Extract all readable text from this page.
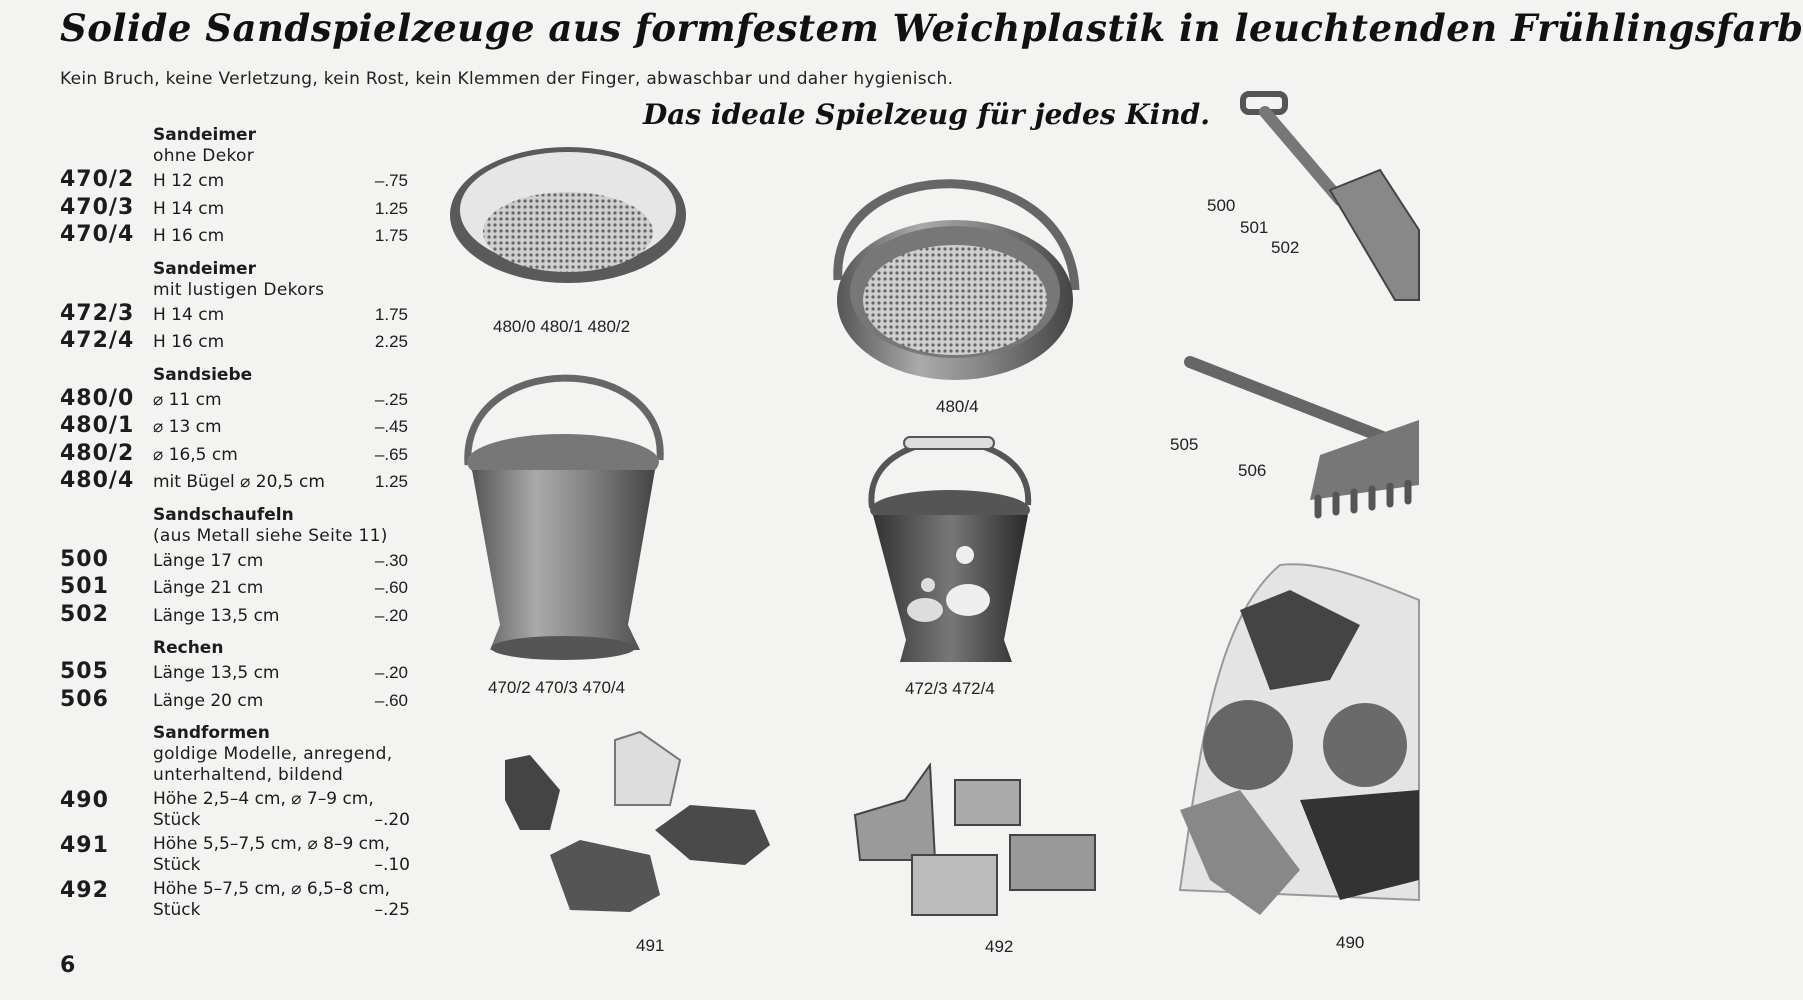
Solide Sandspielzeuge aus formfestem Weichplastik in leuchtenden Frühlingsfarb
Kein Bruch, keine Verletzung, kein Rost, kein Klemmen der Finger, abwaschbar und daher hygienisch.
Das ideale Spielzeug für jedes Kind.
Sandeimer
ohne Dekor
470/2	H 12 cm	–.75
470/3	H 14 cm	1.25
470/4	H 16 cm	1.75
Sandeimer
mit lustigen Dekors
472/3	H 14 cm	1.75
472/4	H 16 cm	2.25
Sandsiebe
480/0	⌀ 11 cm	–.25
480/1	⌀ 13 cm	–.45
480/2	⌀ 16,5 cm	–.65
480/4	mit Bügel ⌀ 20,5 cm	1.25
Sandschaufeln
(aus Metall siehe Seite 11)
500	Länge 17 cm	–.30
501	Länge 21 cm	–.60
502	Länge 13,5 cm	–.20
Rechen
505	Länge 13,5 cm	–.20
506	Länge 20 cm	–.60
Sandformen
goldige Modelle, anregend,
unterhaltend, bildend
490	Höhe 2,5–4 cm, ⌀ 7–9 cm,
Stück	–.20
491	Höhe 5,5–7,5 cm, ⌀ 8–9 cm,
Stück	–.10
492	Höhe 5–7,5 cm, ⌀ 6,5–8 cm,
Stück	–.25
6
480/0 480/1 480/2
480/4
500
501
502
505
506
470/2 470/3 470/4	472/3 472/4
491	492	490
